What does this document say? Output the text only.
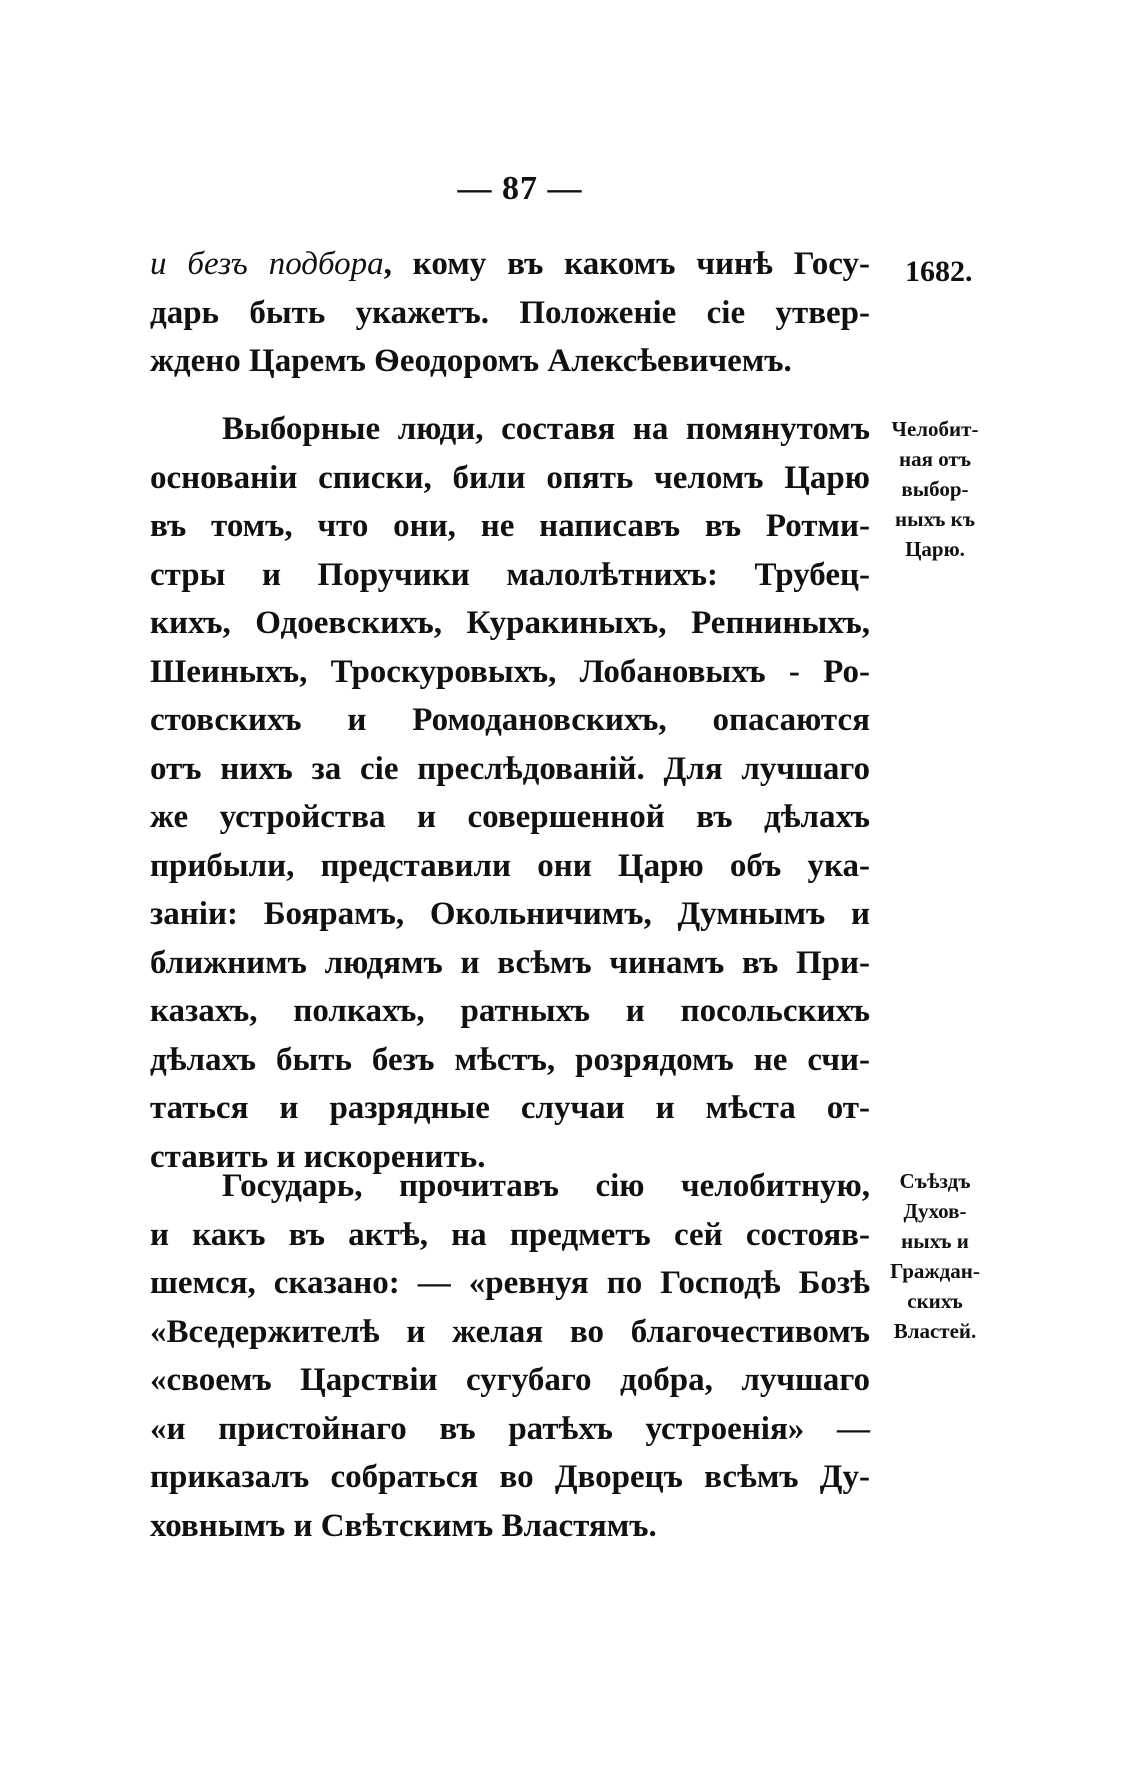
— 87 —
1682.
и безъ подбора, кому въ какомъ чинѣ Госу-
дарь быть укажетъ. Положеніе сіе утвер-
ждено Царемъ Ѳеодоромъ Алексѣевичемъ.
Выборные люди, составя на помянутомъ
основаніи списки, били опять челомъ Царю
въ томъ, что они, не написавъ въ Ротми-
стры и Поручики малолѣтнихъ: Трубец-
кихъ, Одоевскихъ, Куракиныхъ, Репниныхъ,
Шеиныхъ, Троскуровыхъ, Лобановыхъ - Ро-
стовскихъ и Ромодановскихъ, опасаются
отъ нихъ за сіе преслѣдованій. Для лучшаго
же устройства и совершенной въ дѣлахъ
прибыли, представили они Царю объ ука-
заніи: Боярамъ, Окольничимъ, Думнымъ и
ближнимъ людямъ и всѣмъ чинамъ въ При-
казахъ, полкахъ, ратныхъ и посольскихъ
дѣлахъ быть безъ мѣстъ, розрядомъ не счи-
таться и разрядные случаи и мѣста от-
ставить и искоренить.
Государь, прочитавъ сію челобитную,
и какъ въ актѣ, на предметъ сей состояв-
шемся, сказано: — «ревнуя по Господѣ Бозѣ
«Вседержителѣ и желая во благочестивомъ
«своемъ Царствіи сугубаго добра, лучшаго
«и пристойнаго въ ратѣхъ устроенія» —
приказалъ собраться во Дворецъ всѣмъ Ду-
ховнымъ и Свѣтскимъ Властямъ.
Челобит-
ная отъ
выбор-
ныхъ къ
Царю.
Съѣздъ
Духов-
ныхъ и
Граждан-
скихъ
Властей.
